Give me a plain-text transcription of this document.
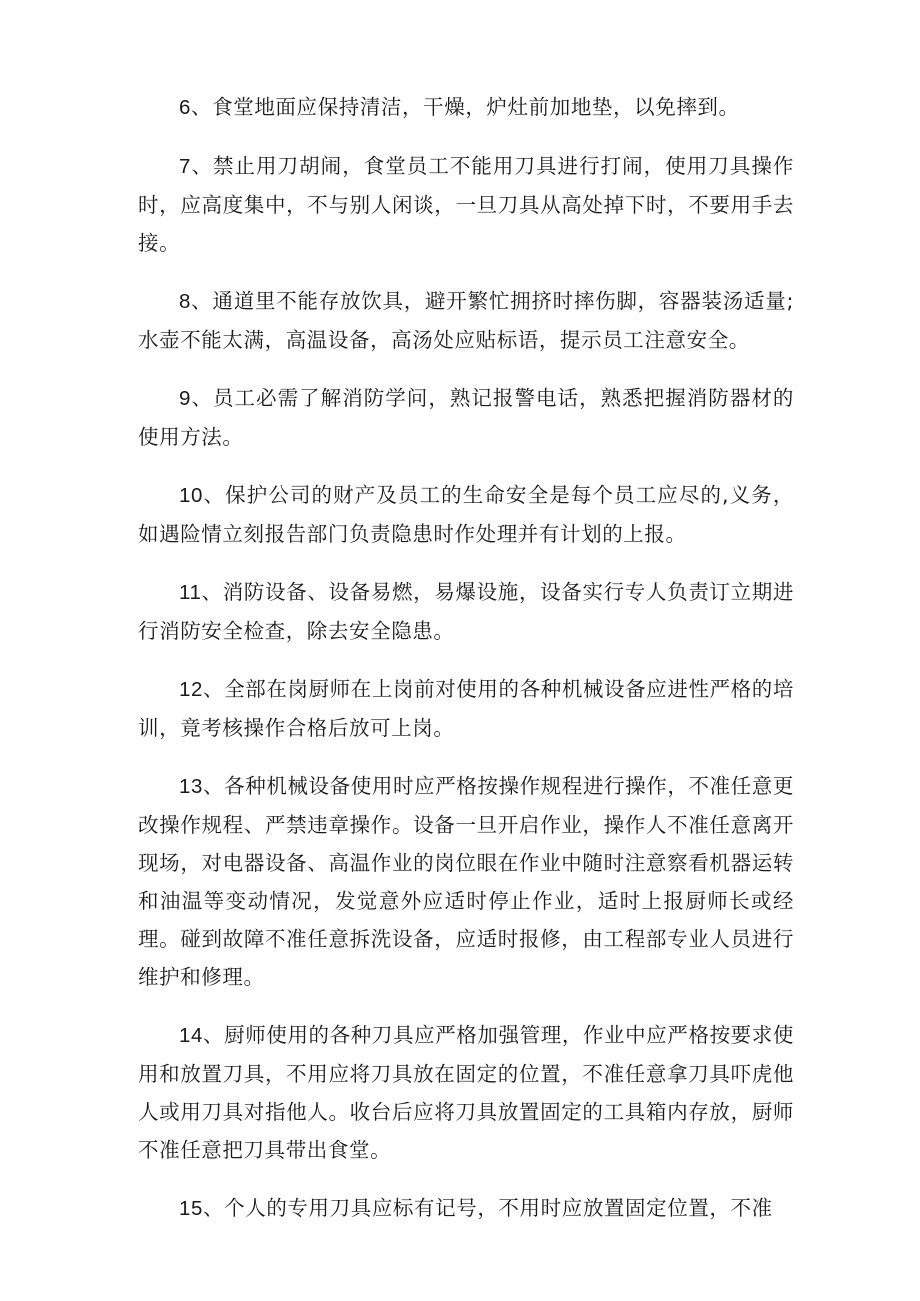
6、食堂地面应保持清洁，干燥，炉灶前加地垫，以免摔到。

7、禁止用刀胡闹，食堂员工不能用刀具进行打闹，使用刀具操作时，应高度集中，不与别人闲谈，一旦刀具从高处掉下时，不要用手去接。

8、通道里不能存放饮具，避开繁忙拥挤时摔伤脚，容器装汤适量;水壶不能太满，高温设备，高汤处应贴标语，提示员工注意安全。

9、员工必需了解消防学问，熟记报警电话，熟悉把握消防器材的使用方法。

10、保护公司的财产及员工的生命安全是每个员工应尽的,义务，如遇险情立刻报告部门负责隐患时作处理并有计划的上报。

11、消防设备、设备易燃，易爆设施，设备实行专人负责订立期进行消防安全检查，除去安全隐患。

12、全部在岗厨师在上岗前对使用的各种机械设备应进性严格的培训，竟考核操作合格后放可上岗。

13、各种机械设备使用时应严格按操作规程进行操作，不准任意更改操作规程、严禁违章操作。设备一旦开启作业，操作人不准任意离开现场，对电器设备、高温作业的岗位眼在作业中随时注意察看机器运转和油温等变动情况，发觉意外应适时停止作业，适时上报厨师长或经理。碰到故障不准任意拆洗设备，应适时报修，由工程部专业人员进行维护和修理。

14、厨师使用的各种刀具应严格加强管理，作业中应严格按要求使用和放置刀具，不用应将刀具放在固定的位置，不准任意拿刀具吓虎他人或用刀具对指他人。收台后应将刀具放置固定的工具箱内存放，厨师不准任意把刀具带出食堂。

15、个人的专用刀具应标有记号，不用时应放置固定位置，不准
